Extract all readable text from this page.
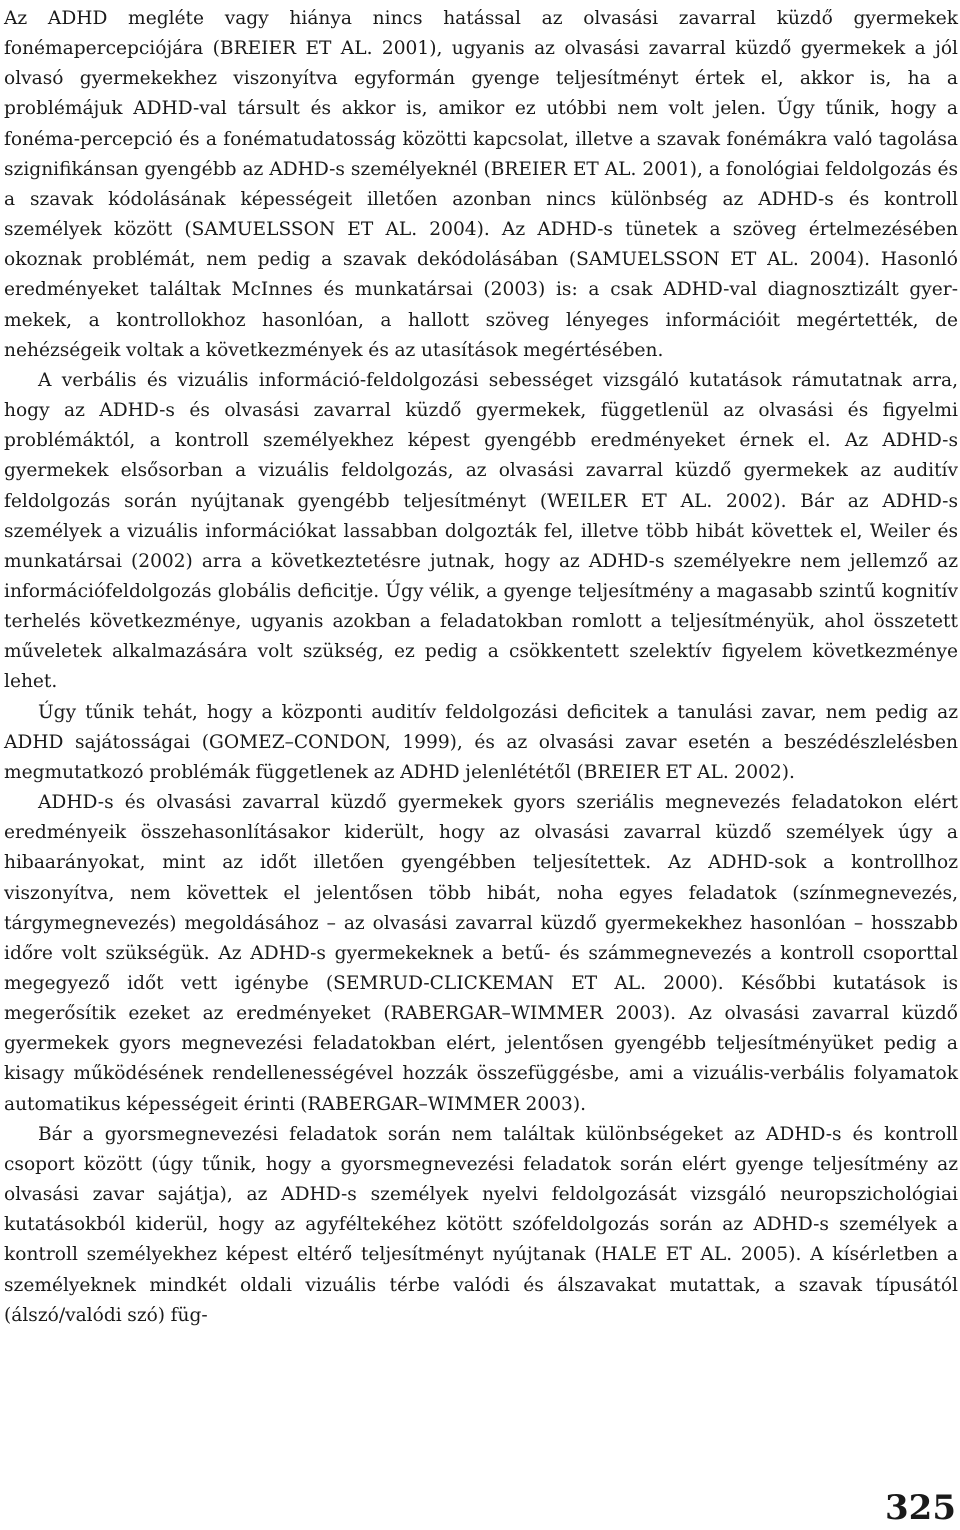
Az ADHD megléte vagy hiánya nincs hatással az olvasási zavarral küzdő gyermekek fonémapercepciójára (BREIER ET AL. 2001), ugyanis az olvasási zavarral küzdő gyermekek a jól olvasó gyermekekhez viszonyítva egyformán gyenge teljesítményt értek el, akkor is, ha a problémájuk ADHD-val társult és akkor is, amikor ez utóbbi nem volt jelen. Úgy tűnik, hogy a fonéma-percepció és a fonématudatosság közötti kapcsolat, illetve a szavak fonémákra való tagolása szignifikánsan gyengébb az ADHD-s személyeknél (BREIER ET AL. 2001), a fonológiai feldolgozás és a szavak kódolásának képességeit illetően azonban nincs különbség az ADHD-s és kontroll személyek között (SAMUELSSON ET AL. 2004). Az ADHD-s tünetek a szöveg értelmezésében okoznak problémát, nem pedig a szavak dekódolásában (SAMUELSSON ET AL. 2004). Hasonló eredményeket találtak McInnes és munkatársai (2003) is: a csak ADHD-val diagnosztizált gyermekek, a kontrollokhoz hasonlóan, a hallott szöveg lényeges információit megértették, de nehézségeik voltak a következmények és az utasítások megértésében.

A verbális és vizuális információ-feldolgozási sebességet vizsgáló kutatások rámutatnak arra, hogy az ADHD-s és olvasási zavarral küzdő gyermekek, függetlenül az olvasási és figyelmi problémáktól, a kontroll személyekhez képest gyengébb eredményeket érnek el. Az ADHD-s gyermekek elsősorban a vizuális feldolgozás, az olvasási zavarral küzdő gyermekek az auditív feldolgozás során nyújtanak gyengébb teljesítményt (WEILER ET AL. 2002). Bár az ADHD-s személyek a vizuális információkat lassabban dolgozták fel, illetve több hibát követtek el, Weiler és munkatársai (2002) arra a következtetésre jutnak, hogy az ADHD-s személyekre nem jellemző az információfeldolgozás globális deficitje. Úgy vélik, a gyenge teljesítmény a magasabb szintű kognitív terhelés következménye, ugyanis azokban a feladatokban romlott a teljesítményük, ahol összetett műveletek alkalmazására volt szükség, ez pedig a csökkentett szelektív figyelem következménye lehet.

Úgy tűnik tehát, hogy a központi auditív feldolgozási deficitek a tanulási zavar, nem pedig az ADHD sajátosságai (GOMEZ–CONDON, 1999), és az olvasási zavar esetén a beszédészlelésben megmutatkozó problémák függetlenek az ADHD jelenlététől (BREIER ET AL. 2002).

ADHD-s és olvasási zavarral küzdő gyermekek gyors szeriális megnevezés feladatokon elért eredményeik összehasonlításakor kiderült, hogy az olvasási zavarral küzdő személyek úgy a hibaarányokat, mint az időt illetően gyengébben teljesítettek. Az ADHD-sok a kontrollhoz viszonyítva, nem követtek el jelentősen több hibát, noha egyes feladatok (színmegnevezés, tárgymegnevezés) megoldásához – az olvasási zavarral küzdő gyermekekhez hasonlóan – hosszabb időre volt szükségük. Az ADHD-s gyermekeknek a betű- és számmegnevezés a kontroll csoporttal megegyező időt vett igénybe (SEMRUD-CLICKEMAN ET AL. 2000). Későbbi kutatások is megerősítik ezeket az eredményeket (RABERGAR–WIMMER 2003). Az olvasási zavarral küzdő gyermekek gyors megnevezési feladatokban elért, jelentősen gyengébb teljesítményüket pedig a kisagy működésének rendellenességével hozzák összefüggésbe, ami a vizuális-verbális folyamatok automatikus képességeit érinti (RABERGAR–WIMMER 2003).

Bár a gyorsmegnevezési feladatok során nem találtak különbségeket az ADHD-s és kontroll csoport között (úgy tűnik, hogy a gyorsmegnevezési feladatok során elért gyenge teljesítmény az olvasási zavar sajátja), az ADHD-s személyek nyelvi feldolgozását vizsgáló neuropszichológiai kutatásokból kiderül, hogy az agyféltekéhez kötött szófeldolgozás során az ADHD-s személyek a kontroll személyekhez képest eltérő teljesítményt nyújtanak (HALE ET AL. 2005). A kísérletben a személyeknek mindkét oldali vizuális térbe valódi és álszavakat mutattak, a szavak típusától (álszó/valódi szó) füg-

325
